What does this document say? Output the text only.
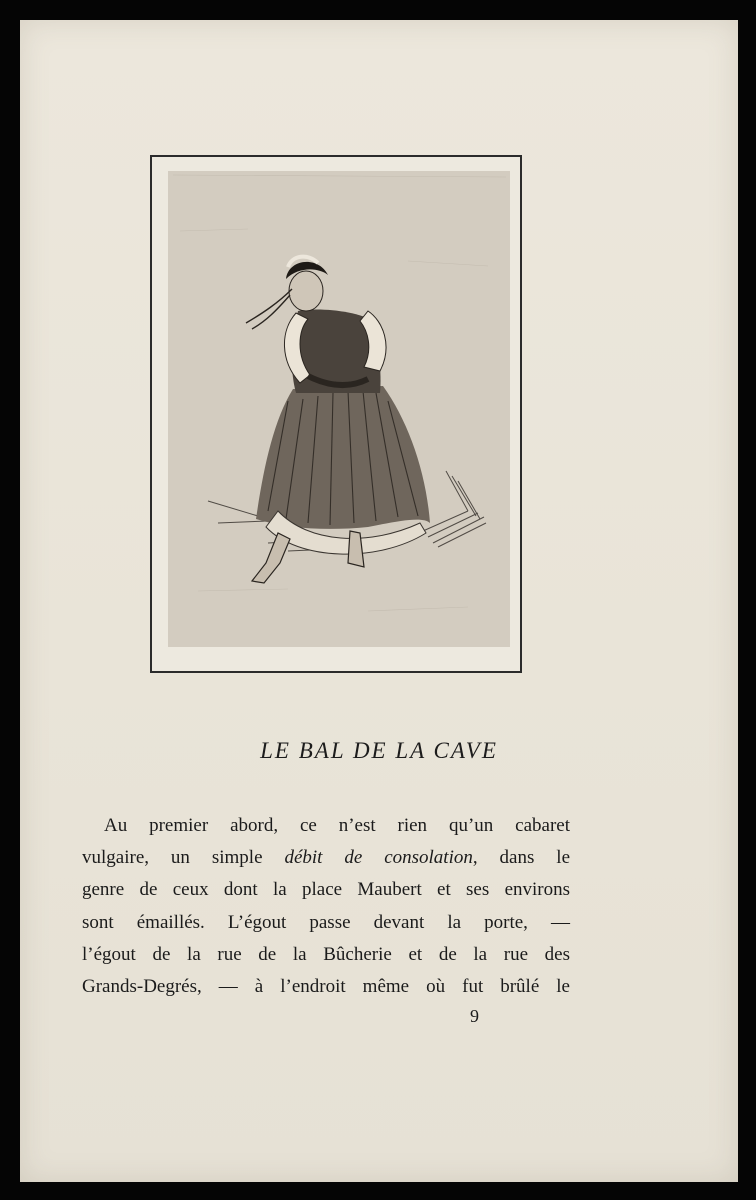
LE BAL DE LA CAVE
Au premier abord, ce n’est rien qu’un cabaret
vulgaire, un simple débit de consolation, dans le
genre de ceux dont la place Maubert et ses environs
sont émaillés. L’égout passe devant la porte, —
l’égout de la rue de la Bûcherie et de la rue des
Grands-Degrés, — à l’endroit même où fut brûlé le
9
